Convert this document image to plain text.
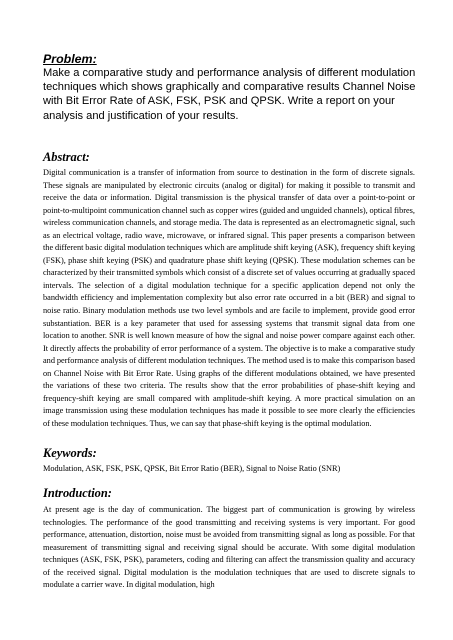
Problem:

Make a comparative study and performance analysis of different modulation techniques which shows graphically and comparative results Channel Noise with Bit Error Rate of ASK, FSK, PSK and QPSK. Write a report on your analysis and justification of your results.

Abstract:

Digital communication is a transfer of information from source to destination in the form of discrete signals. These signals are manipulated by electronic circuits (analog or digital) for making it possible to transmit and receive the data or information. Digital transmission is the physical transfer of data over a point-to-point or point-to-multipoint communication channel such as copper wires (guided and unguided channels), optical fibres, wireless communication channels, and storage media. The data is represented as an electromagnetic signal, such as an electrical voltage, radio wave, microwave, or infrared signal. This paper presents a comparison between the different basic digital modulation techniques which are amplitude shift keying (ASK), frequency shift keying (FSK), phase shift keying (PSK) and quadrature phase shift keying (QPSK). These modulation schemes can be characterized by their transmitted symbols which consist of a discrete set of values occurring at gradually spaced intervals. The selection of a digital modulation technique for a specific application depend not only the bandwidth efficiency and implementation complexity but also error rate occurred in a bit (BER) and signal to noise ratio. Binary modulation methods use two level symbols and are facile to implement, provide good error substantiation. BER is a key parameter that used for assessing systems that transmit signal data from one location to another. SNR is well known measure of how the signal and noise power compare against each other. It directly affects the probability of error performance of a system. The objective is to make a comparative study and performance analysis of different modulation techniques. The method used is to make this comparison based on Channel Noise with Bit Error Rate. Using graphs of the different modulations obtained, we have presented the variations of these two criteria. The results show that the error probabilities of phase-shift keying and frequency-shift keying are small compared with amplitude-shift keying. A more practical simulation on an image transmission using these modulation techniques has made it possible to see more clearly the efficiencies of these modulation techniques. Thus, we can say that phase-shift keying is the optimal modulation.

Keywords:

Modulation, ASK, FSK, PSK, QPSK, Bit Error Ratio (BER), Signal to Noise Ratio (SNR)

Introduction:

At present age is the day of communication. The biggest part of communication is growing by wireless technologies. The performance of the good transmitting and receiving systems is very important. For good performance, attenuation, distortion, noise must be avoided from transmitting signal as long as possible. For that measurement of transmitting signal and receiving signal should be accurate. With some digital modulation techniques (ASK, FSK, PSK), parameters, coding and filtering can affect the transmission quality and accuracy of the received signal. Digital modulation is the modulation techniques that are used to discrete signals to modulate a carrier wave. In digital modulation, high
